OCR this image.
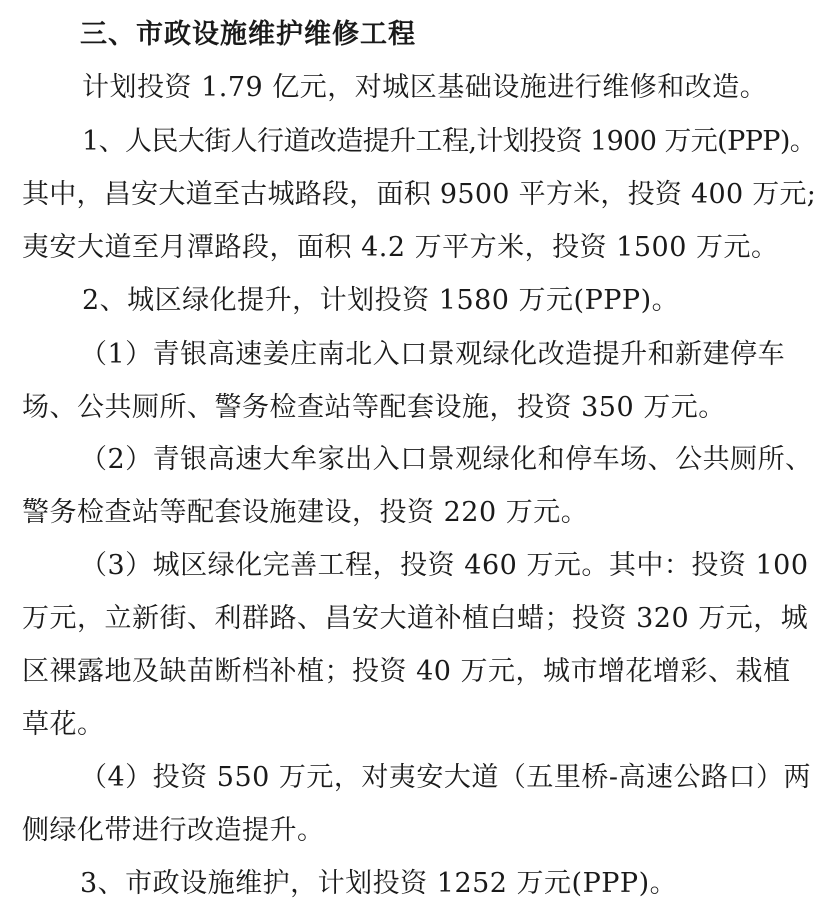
三、市政设施维护维修工程
计划投资 1.79 亿元，对城区基础设施进行维修和改造。
1、人民大街人行道改造提升工程,计划投资 1900 万元(PPP)。
其中，昌安大道至古城路段，面积 9500 平方米，投资 400 万元;
夷安大道至月潭路段，面积 4.2 万平方米，投资 1500 万元。
2、城区绿化提升，计划投资 1580 万元(PPP)。
（1）青银高速姜庄南北入口景观绿化改造提升和新建停车
场、公共厕所、警务检查站等配套设施，投资 350 万元。
（2）青银高速大牟家出入口景观绿化和停车场、公共厕所、
警务检查站等配套设施建设，投资 220 万元。
（3）城区绿化完善工程，投资 460 万元。其中：投资 100
万元，立新街、利群路、昌安大道补植白蜡；投资 320 万元，城
区裸露地及缺苗断档补植；投资 40 万元，城市增花增彩、栽植
草花。
（4）投资 550 万元，对夷安大道（五里桥-高速公路口）两
侧绿化带进行改造提升。
3、市政设施维护，计划投资 1252 万元(PPP)。
